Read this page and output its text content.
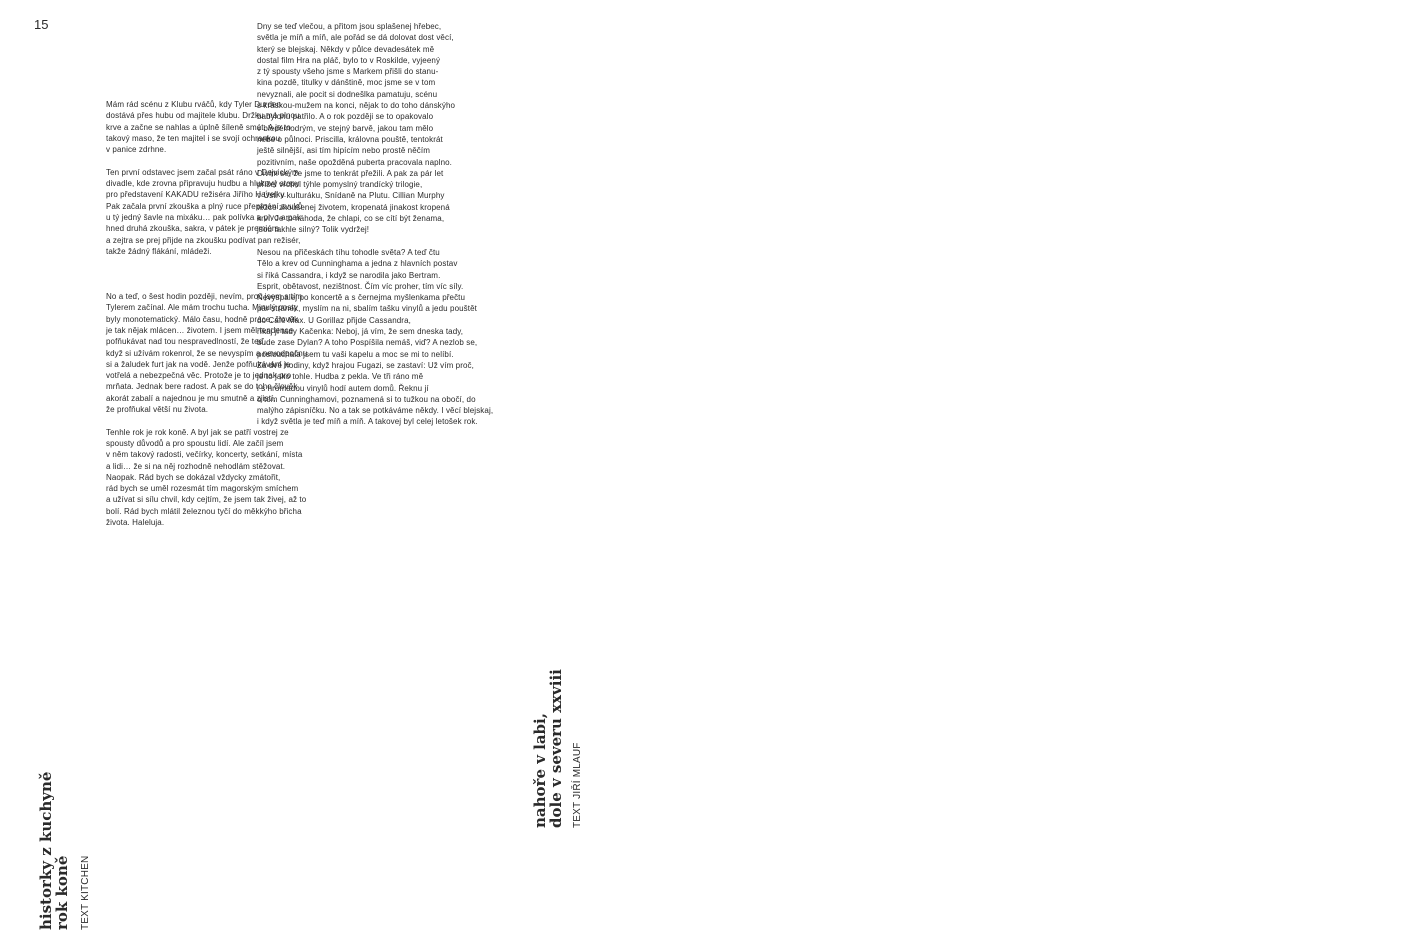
15

Mám rád scénu z Klubu rváčů, kdy Tyler Durden

dostává přes hubu od majitele klubu. Držku má plnou

krve a začne se nahlas a úplně šíleně smát. A je to

takový maso, že ten majitel i se svojí ochrankou

v panice zdrhne.

Ten první odstavec jsem začal psát ráno v Dejvickým

divadle, kde zrovna připravuju hudbu a hlukový stopy

pro představení KAKADU režiséra Jiřího Havelky.

Pak začala první zkouška a plný ruce přepínání zvuků

u tý jedný šavle na mixáku… pak polívka a pivo a pak

hned druhá zkouška, sakra, v pátek je premiéra

a zejtra se prej přijde na zkoušku podívat pan režisér,

takže žádný flákání, mládeži.

No a teď, o šest hodin později, nevím, proč jsem s tím

Tylerem začínal. Ale mám trochu tucha. Minulý posty

byly monotematický. Málo času, hodně práce, člověk

je tak nějak mlácen… životem. I jsem měl tendence

pofňukávat nad tou nespravedlností, že teď,

když si užívám rokenrol, že se nevyspím a nevodpočnu

si a žaludek furt jak na vodě. Jenže pofňukávání je

votřelá a nebezpečná věc. Protože je to jednak pro

mrňata. Jednak bere radost. A pak se do toho člověk

akorát zabalí a najednou je mu smutně a zjistí,

že profňukal větší nu života.

Tenhle rok je rok koně. A byl jak se patří vostrej ze

spousty důvodů a pro spoustu lidí. Ale začíl jsem

v něm takový radosti, večírky, koncerty, setkání, místa

a lidi… že si na něj rozhodně nehodlám stěžovat.

Naopak. Rád bych se dokázal vždycky zmátořit,

rád bych se uměl rozesmát tím magorským smíchem

a užívat si sílu chvil, kdy cejtím, že jsem tak živej, až to

bolí. Rád bych mlátil železnou tyčí do měkkýho břicha

života. Haleluja.

Dny se teď vlečou, a přitom jsou splašenej hřebec,

světla je míň a míň, ale pořád se dá dolovat dost věcí,

který se blejskaj. Někdy v půlce devadesátek mě

dostal film Hra na pláč, bylo to v Roskilde, vyjeený

z tý spousty všeho jsme s Markem přišli do stanu-

kina pozdě, titulky v dánštině, moc jsme se v tom

nevyznali, ale pocit si dodnešlka pamatuju, scénu

s kráskou-mužem na konci, nějak to do toho dánskýho

babylonu patřilo. A o rok později se to opakovalo

v bledémodrým, ve stejný barvě, jakou tam mělo

nebe o půlnoci. Priscilla, královna pouště, tentokrát

ještě silnější, asi tím hipícím nebo prostě něčím

pozitivním, naše opožděná puberta pracovala naplno.

Divím se, že jsme to tenkrát přežili. A pak za pár let

přišel vrchol týhle pomyslný trandícký trilogie,

v Ústí v kulturáku, Snídaně na Plutu. Cillian Murphy

těžce zkoušenej životem, kropenatá jinakost kropená

krví. Je to náhoda, že chlapi, co se cítí být ženama,

jsou takhle silný? Tolik vydržej!

Nesou na přičeskách tíhu tohodle světa? A teď čtu

Tělo a krev od Cunninghama a jedna z hlavních postav

si říká Cassandra, i když se narodila jako Bertram.

Esprit, obětavost, nezištnost. Čím víc proher, tím víc síly.

Nevyspalej po koncertě a s černejma myšlenkama přečtu

pár stránek, myslím na ni, sbalím tašku vinylů a jedu pouštět

do Café Max. U Gorillaz přijde Cassandra,

říkaj jí tady Kačenka: Neboj, já vím, že sem dneska tady,

bude zase Dylan? A toho Pospíšila nemáš, viď? A nezlob se,

poslouchala jsem tu vaši kapelu a moc se mi to nelíbí.

Za dvě hodiny, když hrajou Fugazi, se zastaví: Už vím proč,

je to jako tohle. Hudba z pekla. Ve tři ráno mě

i s hromadou vinylů hodí autem domů. Řeknu jí

o tom Cunninghamovi, poznamená si to tužkou na obočí, do

malýho zápisníčku. No a tak se potkáváme někdy. I věcí blejskaj,

i když světla je teď míň a míň. A takovej byl celej letošek rok.

historky z kuchyně
rok koně TEXT KITCHEN
nahoře v labi,
dole v severu xxviii TEXT JIŘÍ MLAUF
